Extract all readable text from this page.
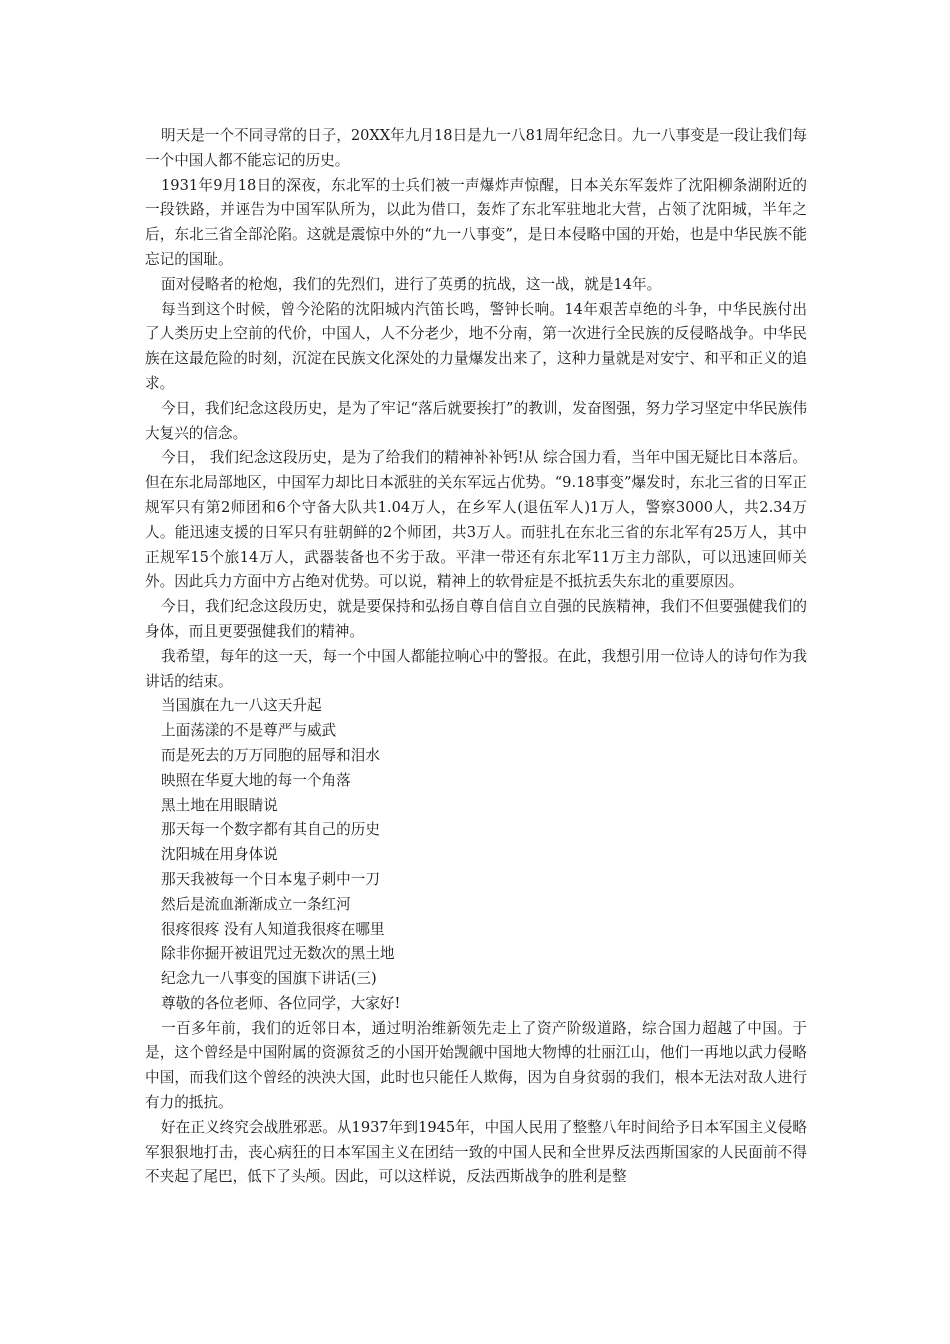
明天是一个不同寻常的日子，20XX年九月18日是九一八81周年纪念日。九一八事变是一段让我们每一个中国人都不能忘记的历史。

1931年9月18日的深夜，东北军的士兵们被一声爆炸声惊醒，日本关东军轰炸了沈阳柳条湖附近的一段铁路，并诬告为中国军队所为，以此为借口，轰炸了东北军驻地北大营，占领了沈阳城，半年之后，东北三省全部沦陷。这就是震惊中外的“九一八事变”，是日本侵略中国的开始，也是中华民族不能忘记的国耻。

面对侵略者的枪炮，我们的先烈们，进行了英勇的抗战，这一战，就是14年。

每当到这个时候，曾今沦陷的沈阳城内汽笛长鸣，警钟长响。14年艰苦卓绝的斗争，中华民族付出了人类历史上空前的代价，中国人，人不分老少，地不分南，第一次进行全民族的反侵略战争。中华民族在这最危险的时刻，沉淀在民族文化深处的力量爆发出来了，这种力量就是对安宁、和平和正义的追求。

今日，我们纪念这段历史，是为了牢记“落后就要挨打”的教训，发奋图强，努力学习坚定中华民族伟大复兴的信念。

今日， 我们纪念这段历史，是为了给我们的精神补补钙!从 综合国力看，当年中国无疑比日本落后。但在东北局部地区，中国军力却比日本派驻的关东军远占优势。“9.18事变”爆发时，东北三省的日军正规军只有第2师团和6个守备大队共1.04万人，在乡军人(退伍军人)1万人，警察3000人，共2.34万人。能迅速支援的日军只有驻朝鲜的2个师团，共3万人。而驻扎在东北三省的东北军有25万人，其中正规军15个旅14万人，武器装备也不劣于敌。平津一带还有东北军11万主力部队，可以迅速回师关外。因此兵力方面中方占绝对优势。可以说，精神上的软骨症是不抵抗丢失东北的重要原因。

今日，我们纪念这段历史，就是要保持和弘扬自尊自信自立自强的民族精神，我们不但要强健我们的身体，而且更要强健我们的精神。

我希望，每年的这一天，每一个中国人都能拉响心中的警报。在此，我想引用一位诗人的诗句作为我讲话的结束。

当国旗在九一八这天升起

上面荡漾的不是尊严与威武

而是死去的万万同胞的屈辱和泪水

映照在华夏大地的每一个角落

黑土地在用眼睛说

那天每一个数字都有其自己的历史

沈阳城在用身体说

那天我被每一个日本鬼子刺中一刀

然后是流血渐渐成立一条红河

很疼很疼 没有人知道我很疼在哪里

除非你掘开被诅咒过无数次的黑土地

纪念九一八事变的国旗下讲话(三)

尊敬的各位老师、各位同学，大家好!

一百多年前，我们的近邻日本，通过明治维新领先走上了资产阶级道路，综合国力超越了中国。于是，这个曾经是中国附属的资源贫乏的小国开始觊觎中国地大物博的壮丽江山，他们一再地以武力侵略中国，而我们这个曾经的泱泱大国，此时也只能任人欺侮，因为自身贫弱的我们，根本无法对敌人进行有力的抵抗。

好在正义终究会战胜邪恶。从1937年到1945年，中国人民用了整整八年时间给予日本军国主义侵略军狠狠地打击，丧心病狂的日本军国主义在团结一致的中国人民和全世界反法西斯国家的人民面前不得不夹起了尾巴，低下了头颅。因此，可以这样说，反法西斯战争的胜利是整
